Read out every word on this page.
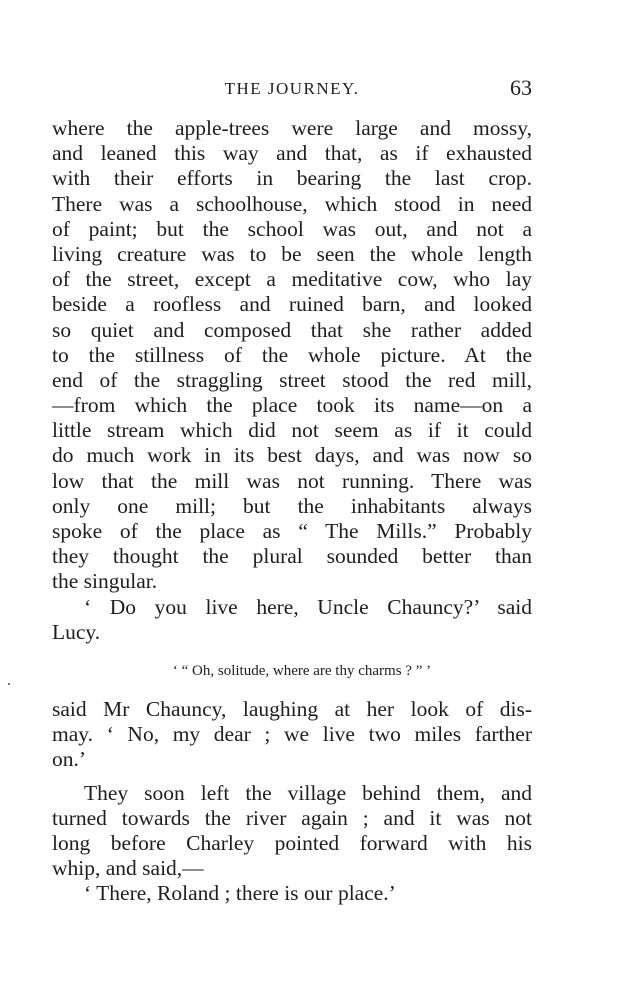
THE JOURNEY.	63
where the apple-trees were large and mossy,
and leaned this way and that, as if exhausted
with their efforts in bearing the last crop.
There was a schoolhouse, which stood in need
of paint; but the school was out, and not a
living creature was to be seen the whole length
of the street, except a meditative cow, who lay
beside a roofless and ruined barn, and looked
so quiet and composed that she rather added
to the stillness of the whole picture. At the
end of the straggling street stood the red mill,
—from which the place took its name—on a
little stream which did not seem as if it could
do much work in its best days, and was now so
low that the mill was not running. There was
only one mill; but the inhabitants always
spoke of the place as “ The Mills.” Probably
they thought the plural sounded better than
the singular.
‘ Do you live here, Uncle Chauncy?’ said
Lucy.
‘ “ Oh, solitude, where are thy charms ? ” ’
said Mr Chauncy, laughing at her look of dis-
may. ‘ No, my dear ; we live two miles farther
on.’
They soon left the village behind them, and
turned towards the river again ; and it was not
long before Charley pointed forward with his
whip, and said,—
‘ There, Roland ; there is our place.’
